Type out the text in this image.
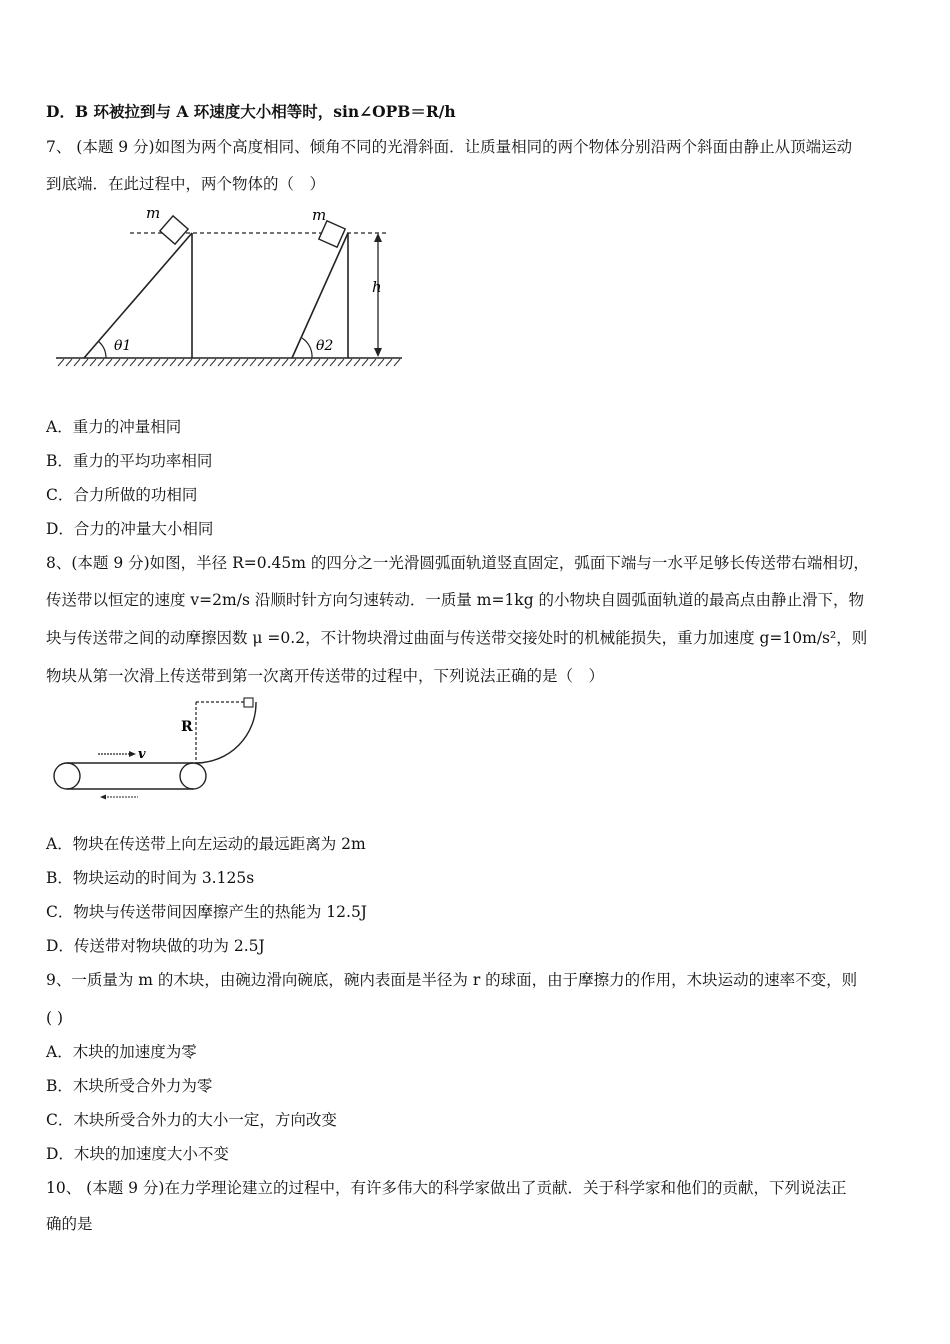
D．B 环被拉到与 A 环速度大小相等时，sin∠OPB＝R/h
7、 (本题 9 分)如图为两个高度相同、倾角不同的光滑斜面．让质量相同的两个物体分别沿两个斜面由静止从顶端运动
到底端．在此过程中，两个物体的（　）
m
θ1
m
θ2
h
A．重力的冲量相同
B．重力的平均功率相同
C．合力所做的功相同
D．合力的冲量大小相同
8、(本题 9 分)如图，半径 R=0.45m 的四分之一光滑圆弧面轨道竖直固定，弧面下端与一水平足够长传送带右端相切，
传送带以恒定的速度 v=2m/s 沿顺时针方向匀速转动．一质量 m=1kg 的小物块自圆弧面轨道的最高点由静止滑下，物
块与传送带之间的动摩擦因数 μ =0.2，不计物块滑过曲面与传送带交接处时的机械能损失，重力加速度 g=10m/s²，则
物块从第一次滑上传送带到第一次离开传送带的过程中，下列说法正确的是（　）
R
v
A．物块在传送带上向左运动的最远距离为 2m
B．物块运动的时间为 3.125s
C．物块与传送带间因摩擦产生的热能为 12.5J
D．传送带对物块做的功为 2.5J
9、一质量为 m 的木块，由碗边滑向碗底，碗内表面是半径为 r 的球面，由于摩擦力的作用，木块运动的速率不变，则
( )
A．木块的加速度为零
B．木块所受合外力为零
C．木块所受合外力的大小一定，方向改变
D．木块的加速度大小不变
10、 (本题 9 分)在力学理论建立的过程中，有许多伟大的科学家做出了贡献．关于科学家和他们的贡献，下列说法正
确的是
